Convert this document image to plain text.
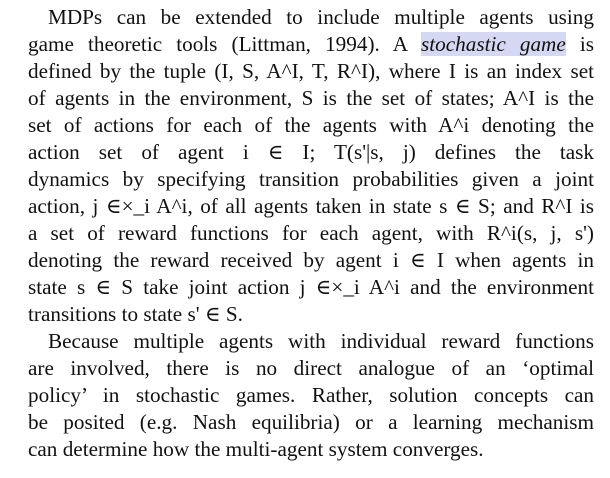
MDPs can be extended to include multiple agents using
game theoretic tools (Littman, 1994). A stochastic game is
defined by the tuple (I, S, A^I, T, R^I), where I is an index set
of agents in the environment, S is the set of states; A^I is the
set of actions for each of the agents with A^i denoting the
action set of agent i ∈ I; T(s'|s, j) defines the task
dynamics by specifying transition probabilities given a joint
action, j ∈×_i A^i, of all agents taken in state s ∈ S; and R^I is
a set of reward functions for each agent, with R^i(s, j, s')
denoting the reward received by agent i ∈ I when agents in
state s ∈ S take joint action j ∈×_i A^i and the environment
transitions to state s' ∈ S.
Because multiple agents with individual reward functions
are involved, there is no direct analogue of an ‘optimal
policy’ in stochastic games. Rather, solution concepts can
be posited (e.g. Nash equilibria) or a learning mechanism
can determine how the multi-agent system converges.
